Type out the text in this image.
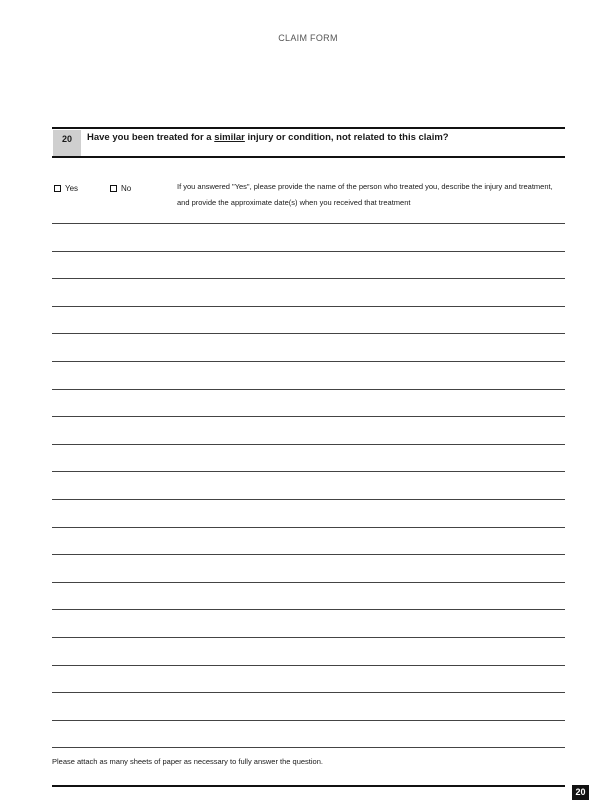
CLAIM FORM
20	Have you been treated for a similar injury or condition, not related to this claim?
Yes	No	If you answered "Yes", please provide the name of the person who treated you, describe the injury and treatment, and provide the approximate date(s) when you received that treatment
Please attach as many sheets of paper as necessary to fully answer the question.
20
